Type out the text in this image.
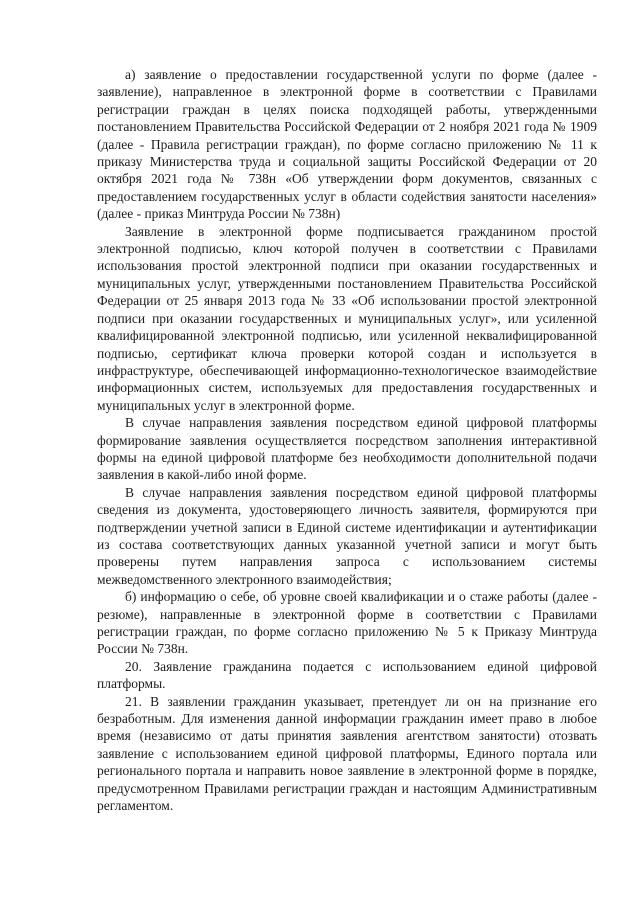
а) заявление о предоставлении государственной услуги по форме (далее - заявление), направленное в электронной форме в соответствии с Правилами регистрации граждан в целях поиска подходящей работы, утвержденными постановлением Правительства Российской Федерации от 2 ноября 2021 года № 1909 (далее - Правила регистрации граждан), по форме согласно приложению № 11 к приказу Министерства труда и социальной защиты Российской Федерации от 20 октября 2021 года № 738н «Об утверждении форм документов, связанных с предоставлением государственных услуг в области содействия занятости населения» (далее - приказ Минтруда России № 738н)

Заявление в электронной форме подписывается гражданином простой электронной подписью, ключ которой получен в соответствии с Правилами использования простой электронной подписи при оказании государственных и муниципальных услуг, утвержденными постановлением Правительства Российской Федерации от 25 января 2013 года № 33 «Об использовании простой электронной подписи при оказании государственных и муниципальных услуг», или усиленной квалифицированной электронной подписью, или усиленной неквалифицированной подписью, сертификат ключа проверки которой создан и используется в инфраструктуре, обеспечивающей информационно-технологическое взаимодействие информационных систем, используемых для предоставления государственных и муниципальных услуг в электронной форме.

В случае направления заявления посредством единой цифровой платформы формирование заявления осуществляется посредством заполнения интерактивной формы на единой цифровой платформе без необходимости дополнительной подачи заявления в какой-либо иной форме.

В случае направления заявления посредством единой цифровой платформы сведения из документа, удостоверяющего личность заявителя, формируются при подтверждении учетной записи в Единой системе идентификации и аутентификации из состава соответствующих данных указанной учетной записи и могут быть проверены путем направления запроса с использованием системы межведомственного электронного взаимодействия;

б) информацию о себе, об уровне своей квалификации и о стаже работы (далее - резюме), направленные в электронной форме в соответствии с Правилами регистрации граждан, по форме согласно приложению № 5 к Приказу Минтруда России № 738н.

20. Заявление гражданина подается с использованием единой цифровой платформы.

21. В заявлении гражданин указывает, претендует ли он на признание его безработным. Для изменения данной информации гражданин имеет право в любое время (независимо от даты принятия заявления агентством занятости) отозвать заявление с использованием единой цифровой платформы, Единого портала или регионального портала и направить новое заявление в электронной форме в порядке, предусмотренном Правилами регистрации граждан и настоящим Административным регламентом.
